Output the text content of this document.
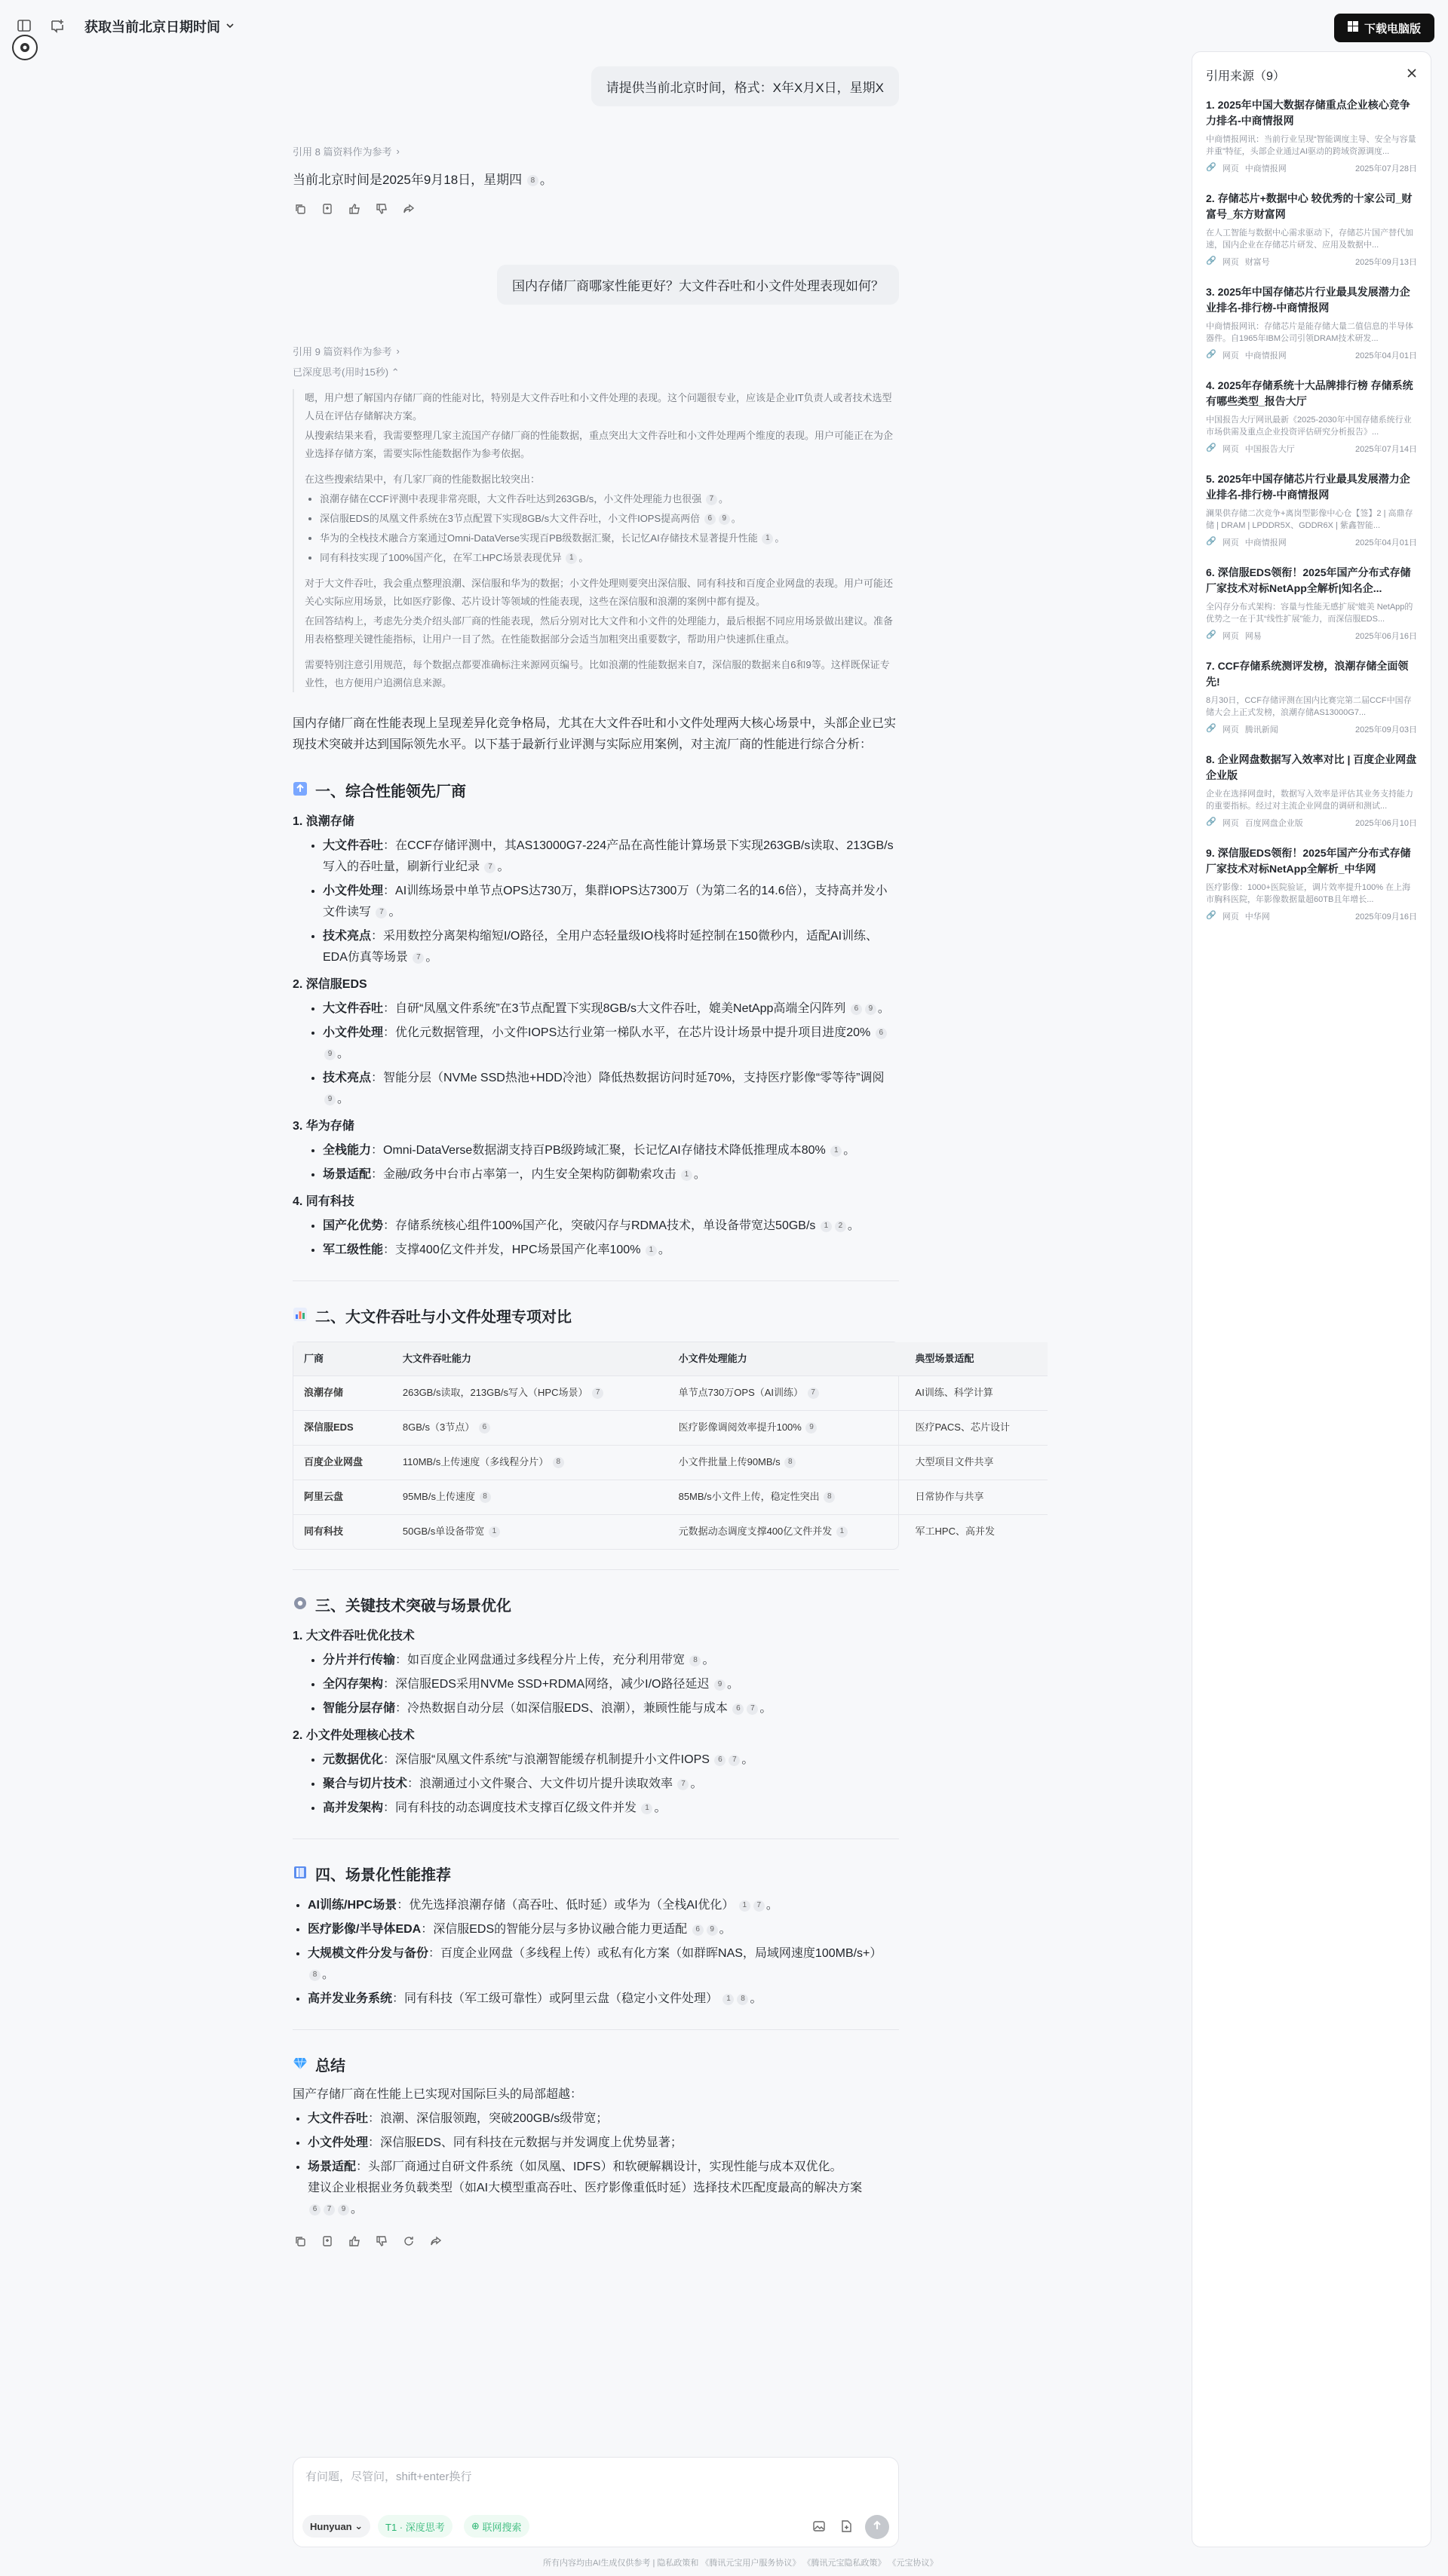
获取当前北京日期时间	下载电脑版
请提供当前北京时间，格式：X年X月X日，星期X
引用 8 篇资料作为参考 ›
当前北京时间是2025年9月18日，星期四 8 。
国内存储厂商哪家性能更好？大文件吞吐和小文件处理表现如何？
引用 9 篇资料作为参考 ›
已深度思考(用时15秒) ⌃

嗯，用户想了解国内存储厂商的性能对比，特别是大文件吞吐和小文件处理的表现。这个问题很专业，应该是企业IT负责人或者技术选型人员在评估存储解决方案。

从搜索结果来看，我需要整理几家主流国产存储厂商的性能数据，重点突出大文件吞吐和小文件处理两个维度的表现。用户可能正在为企业选择存储方案，需要实际性能数据作为参考依据。

在这些搜索结果中，有几家厂商的性能数据比较突出：

• 浪潮存储在CCF评测中表现非常亮眼，大文件吞吐达到263GB/s，小文件处理能力也很强 7 。
• 深信服EDS的凤凰文件系统在3节点配置下实现8GB/s大文件吞吐，小文件IOPS提高两倍 6 9 。
• 华为的全栈技术融合方案通过Omni-DataVerse实现百PB级数据汇聚，长记忆AI存储技术显著提升性能 1 。
• 同有科技实现了100%国产化，在军工HPC场景表现优异 1 。

对于大文件吞吐，我会重点整理浪潮、深信服和华为的数据；小文件处理则要突出深信服、同有科技和百度企业网盘的表现。用户可能还关心实际应用场景，比如医疗影像、芯片设计等领域的性能表现，这些在深信服和浪潮的案例中都有提及。

在回答结构上，考虑先分类介绍头部厂商的性能表现，然后分别对比大文件和小文件的处理能力，最后根据不同应用场景做出建议。准备用表格整理关键性能指标，让用户一目了然。在性能数据部分会适当加粗突出重要数字，帮助用户快速抓住重点。

需要特别注意引用规范，每个数据点都要准确标注来源网页编号。比如浪潮的性能数据来自7，深信服的数据来自6和9等。这样既保证专业性，也方便用户追溯信息来源。

国内存储厂商在性能表现上呈现差异化竞争格局，尤其在大文件吞吐和小文件处理两大核心场景中，头部企业已实现技术突破并达到国际领先水平。以下基于最新行业评测与实际应用案例，对主流厂商的性能进行综合分析：

一、综合性能领先厂商
1. 浪潮存储
• 大文件吞吐：在CCF存储评测中，其AS13000G7-224产品在高性能计算场景下实现263GB/s读取、213GB/s写入的吞吐量，刷新行业纪录 7 。
• 小文件处理：AI训练场景中单节点OPS达730万，集群IOPS达7300万（为第二名的14.6倍），支持高并发小文件读写 7 。
• 技术亮点：采用数控分离架构缩短I/O路径，全用户态轻量级IO栈将时延控制在150微秒内，适配AI训练、EDA仿真等场景 7 。
2. 深信服EDS
• 大文件吞吐：自研“凤凰文件系统”在3节点配置下实现8GB/s大文件吞吐，媲美NetApp高端全闪阵列 6 9 。
• 小文件处理：优化元数据管理，小文件IOPS达行业第一梯队水平，在芯片设计场景中提升项目进度20% 69 。
• 技术亮点：智能分层（NVMe SSD热池+HDD冷池）降低热数据访问时延70%，支持医疗影像“零等待”调阅 9 。
3. 华为存储
• 全栈能力：Omni-DataVerse数据湖支持百PB级跨域汇聚，长记忆AI存储技术降低推理成本80% 1 。
• 场景适配：金融/政务中台市占率第一，内生安全架构防御勒索攻击 1 。
4. 同有科技
• 国产化优势：存储系统核心组件100%国产化，突破闪存与RDMA技术，单设备带宽达50GB/s 1 2 。
• 军工级性能：支撑400亿文件并发，HPC场景国产化率100% 1 。
二、大文件吞吐与小文件处理专项对比
厂商	大文件吞吐能力	小文件处理能力	典型场景适配
浪潮存储	263GB/s读取，213GB/s写入（HPC场景） 7	单节点730万OPS（AI训练） 7	AI训练、科学计算
深信服EDS	8GB/s（3节点） 6	医疗影像调阅效率提升100% 9	医疗PACS、芯片设计
百度企业网盘	110MB/s上传速度（多线程分片） 8	小文件批量上传90MB/s 8	大型项目文件共享
阿里云盘	95MB/s上传速度 8	85MB/s小文件上传，稳定性突出 8	日常协作与共享
同有科技	50GB/s单设备带宽 1	元数据动态调度支撑400亿文件并发 1	军工HPC、高并发
三、关键技术突破与场景优化
1. 大文件吞吐优化技术
• 分片并行传输：如百度企业网盘通过多线程分片上传，充分利用带宽 8 。
• 全闪存架构：深信服EDS采用NVMe SSD+RDMA网络，减少I/O路径延迟 9 。
• 智能分层存储：冷热数据自动分层（如深信服EDS、浪潮），兼顾性能与成本 6 7 。
2. 小文件处理核心技术
• 元数据优化：深信服“凤凰文件系统”与浪潮智能缓存机制提升小文件IOPS 6 7 。
• 聚合与切片技术：浪潮通过小文件聚合、大文件切片提升读取效率 7 。
• 高并发架构：同有科技的动态调度技术支撑百亿级文件并发 1 。
四、场景化性能推荐
• AI训练/HPC场景：优先选择浪潮存储（高吞吐、低时延）或华为（全栈AI优化） 1 7 。
• 医疗影像/半导体EDA：深信服EDS的智能分层与多协议融合能力更适配 6 9 。
• 大规模文件分发与备份：百度企业网盘（多线程上传）或私有化方案（如群晖NAS，局域网速度100MB/s+） 8 。
• 高并发业务系统：同有科技（军工级可靠性）或阿里云盘（稳定小文件处理） 1 8 。
总结

国产存储厂商在性能上已实现对国际巨头的局部超越：

• 大文件吞吐：浪潮、深信服领跑，突破200GB/s级带宽；
• 小文件处理：深信服EDS、同有科技在元数据与并发调度上优势显著；
• 场景适配：头部厂商通过自研文件系统（如凤凰、IDFS）和软硬解耦设计，实现性能与成本双优化。

建议企业根据业务负载类型（如AI大模型重高吞吐、医疗影像重低时延）选择技术匹配度最高的解决方案
6 7 9 。

有问题，尽管问，shift+enter换行
Hunyuan
⌄ T1 · 深度思考	⊕
联网搜索
所有内容均由AI生成仅供参考 | 隐私政策和 《腾讯元宝用户服务协议》 《腾讯元宝隐私政策》 《元宝协议》
引用来源（9）
1. 2025年中国大数据存储重点企业核心竞争力排名-中商情报网
中商情报网讯：当前行业呈现“智能调度主导、安全与容量并重”特征，头部企业通过AI驱动的跨域资源调度...
🔗 网页 中商情报网	2025年07月28日
2. 存储芯片+数据中心 较优秀的十家公司_财富号_东方财富网
在人工智能与数据中心需求驱动下，存储芯片国产替代加速，国内企业在存储芯片研发、应用及数据中...
🔗 网页 财富号	2025年09月13日
3. 2025年中国存储芯片行业最具发展潜力企业排名-排行榜-中商情报网
中商情报网讯：存储芯片是能存储大量二值信息的半导体器件。自1965年IBM公司引领DRAM技术研发...
🔗 网页 中商情报网	2025年04月01日
4. 2025年存储系统十大品牌排行榜 存储系统有哪些类型_报告大厅
中国报告大厅网讯最新《2025-2030年中国存储系统行业市场供需及重点企业投资评估研究分析报告》...
🔗 网页 中国报告大厅	2025年07月14日
5. 2025年中国存储芯片行业最具发展潜力企业排名-排行榜-中商情报网
澜果供存储二次竞争+离岗型影像中心仓【签】2 | 高鼎存储 | DRAM | LPDDR5X、GDDR6X | 紫鑫智能...
🔗 网页 中商情报网	2025年04月01日
6. 深信服EDS领衔！2025年国产分布式存储厂家技术对标NetApp全解析|知名企...
全闪存分布式架构：容量与性能无感扩展“媲美 NetApp的优势之一在于其“线性扩展”能力，而深信服EDS...
🔗 网页 网易	2025年06月16日
7. CCF存储系统测评发榜，浪潮存储全面领先!
8月30日，CCF存储评测在国内比赛完第二届CCF中国存储大会上正式发榜，浪潮存储AS13000G7...
🔗 网页 腾讯新闻	2025年09月03日
8. 企业网盘数据写入效率对比 | 百度企业网盘企业版
企业在选择网盘时，数据写入效率是评估其业务支持能力的重要指标。经过对主流企业网盘的调研和测试...
🔗 网页 百度网盘企业版	2025年06月10日
9. 深信服EDS领衔！2025年国产分布式存储厂家技术对标NetApp全解析_中华网
医疗影像：1000+医院验证，调片效率提升100% 在上海市胸科医院，年影像数据量超60TB且年增长...
🔗 网页 中华网	2025年09月16日
